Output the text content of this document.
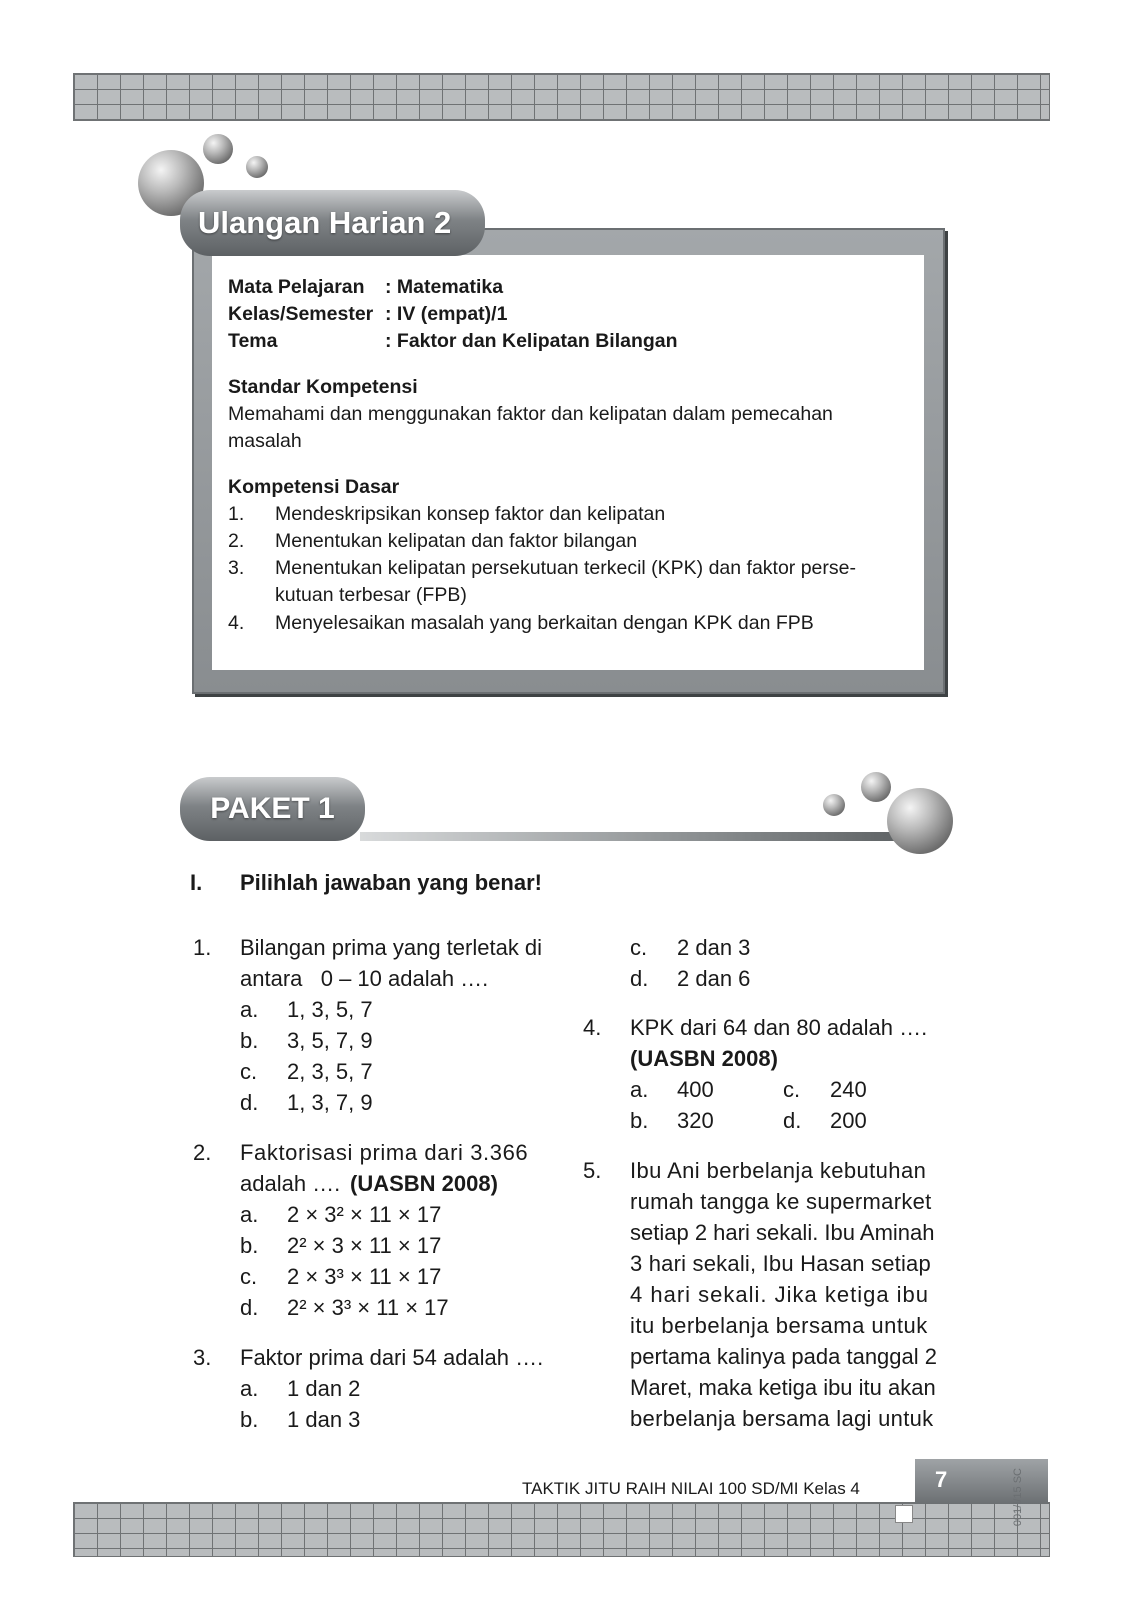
Ulangan Harian 2
Mata Pelajaran : Matematika
Kelas/Semester : IV (empat)/1
Tema	: Faktor dan Kelipatan Bilangan
Standar Kompetensi
Memahami dan menggunakan faktor dan kelipatan dalam pemecahan
masalah
Kompetensi Dasar
1. Mendeskripsikan konsep faktor dan kelipatan
2. Menentukan kelipatan dan faktor bilangan
3. Menentukan kelipatan persekutuan terkecil (KPK) dan faktor perse-
kutuan terbesar (FPB)
4. Menyelesaikan masalah yang berkaitan dengan KPK dan FPB
PAKET 1
I. Pilihlah jawaban yang benar!
1. Bilangan prima yang terletak di
antara   0 – 10 adalah ….
a. 1, 3, 5, 7
b. 3, 5, 7, 9
c. 2, 3, 5, 7
d. 1, 3, 7, 9
2. Faktorisasi prima dari 3.366
adalah …. (UASBN 2008)
a. 2 × 3² × 11 × 17
b. 2² × 3 × 11 × 17
c. 2 × 3³ × 11 × 17
d. 2² × 3³ × 11 × 17
3. Faktor prima dari 54 adalah ….
a. 1 dan 2
b. 1 dan 3
c. 2 dan 3
d. 2 dan 6
4. KPK dari 64 dan 80 adalah ….
(UASBN 2008)
a. 400	c. 240
b. 320	d. 200
5. Ibu Ani berbelanja kebutuhan
rumah tangga ke supermarket
setiap 2 hari sekali. Ibu Aminah
3 hari sekali, Ibu Hasan setiap
4 hari sekali. Jika ketiga ibu
itu berbelanja bersama untuk
pertama kalinya pada tanggal 2
Maret, maka ketiga ibu itu akan
berbelanja bersama lagi untuk
TAKTIK JITU RAIH NILAI 100 SD/MI Kelas 4	7	001/I/15 SC
